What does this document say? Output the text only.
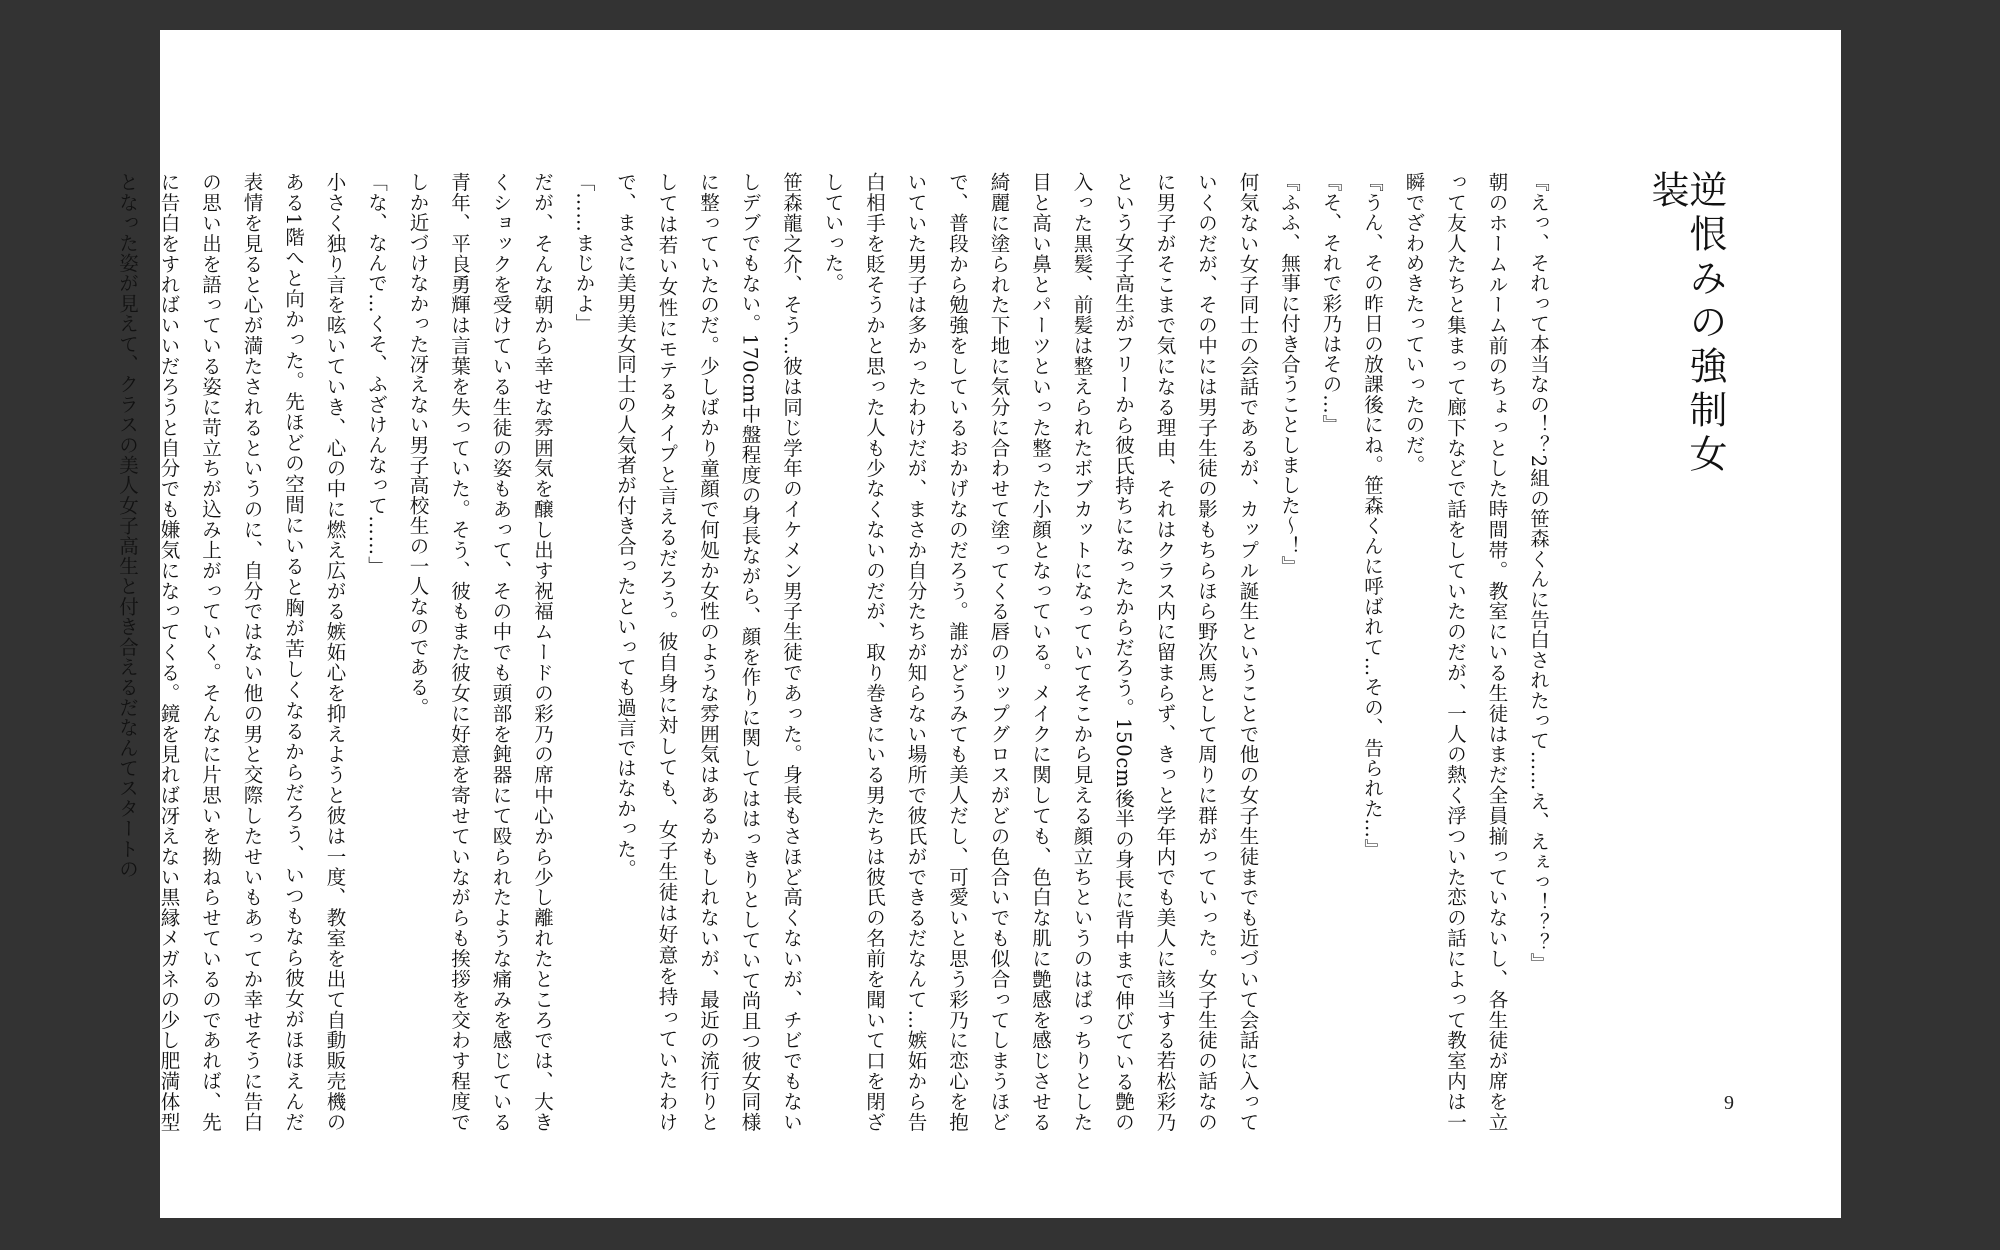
逆恨みの強制女装

『えっ、それって本当なの！？2組の笹森くんに告白されたって……え、えぇっ！？？』

朝のホームルーム前のちょっとした時間帯。教室にいる生徒はまだ全員揃っていないし、各生徒が席を立って友人たちと集まって廊下などで話をしていたのだが、一人の熱く浮ついた恋の話によって教室内は一瞬でざわめきたっていったのだ。

『うん、その昨日の放課後にね。笹森くんに呼ばれて…その、告られた…』

『そ、それで彩乃はその…』

『ふふ、無事に付き合うことしました〜！』

何気ない女子同士の会話であるが、カップル誕生ということで他の女子生徒までも近づいて会話に入っていくのだが、その中には男子生徒の影もちらほら野次馬として周りに群がっていった。女子生徒の話なのに男子がそこまで気になる理由、それはクラス内に留まらず、きっと学年内でも美人に該当する若松彩乃という女子高生がフリーから彼氏持ちになったからだろう。150cm後半の身長に背中まで伸びている艶の入った黒髪、前髪は整えられたボブカットになっていてそこから見える顔立ちというのはぱっちりとした目と高い鼻とパーツといった整った小顔となっている。メイクに関しても、色白な肌に艶感を感じさせる綺麗に塗られた下地に気分に合わせて塗ってくる唇のリップグロスがどの色合いでも似合ってしまうほどで、普段から勉強をしているおかげなのだろう。誰がどうみても美人だし、可愛いと思う彩乃に恋心を抱いていた男子は多かったわけだが、まさか自分たちが知らない場所で彼氏ができるだなんて…嫉妬から告白相手を貶そうかと思った人も少なくないのだが、取り巻きにいる男たちは彼氏の名前を聞いて口を閉ざしていった。

笹森龍之介、そう…彼は同じ学年のイケメン男子生徒であった。身長もさほど高くないが、チビでもないしデブでもない。170cm中盤程度の身長ながら、顔を作りに関してははっきりとしていて尚且つ彼女同様に整っていたのだ。少しばかり童顔で何処か女性のような雰囲気はあるかもしれないが、最近の流行りとしては若い女性にモテるタイプと言えるだろう。彼自身に対しても、女子生徒は好意を持っていたわけで、まさに美男美女同士の人気者が付き合ったといっても過言ではなかった。

「……まじかよ」

だが、そんな朝から幸せな雰囲気を醸し出す祝福ムードの彩乃の席中心から少し離れたところでは、大きくショックを受けている生徒の姿もあって、その中でも頭部を鈍器にて殴られたような痛みを感じている青年、平良勇輝は言葉を失っていた。そう、彼もまた彼女に好意を寄せていながらも挨拶を交わす程度でしか近づけなかった冴えない男子高校生の一人なのである。

「な、なんで…くそ、ふざけんなって……」

小さく独り言を呟いていき、心の中に燃え広がる嫉妬心を抑えようと彼は一度、教室を出て自動販売機のある1階へと向かった。先ほどの空間にいると胸が苦しくなるからだろう、いつもなら彼女がほほえんだ表情を見ると心が満たされるというのに、自分ではない他の男と交際したせいもあってか幸せそうに告白の思い出を語っている姿に苛立ちが込み上がっていく。そんなに片思いを拗ねらせているのであれば、先に告白をすればいいだろうと自分でも嫌気になってくる。鏡を見れば冴えない黒縁メガネの少し肥満体型となった姿が見えて、クラスの美人女子高生と付き合えるだなんてスタートの

9
